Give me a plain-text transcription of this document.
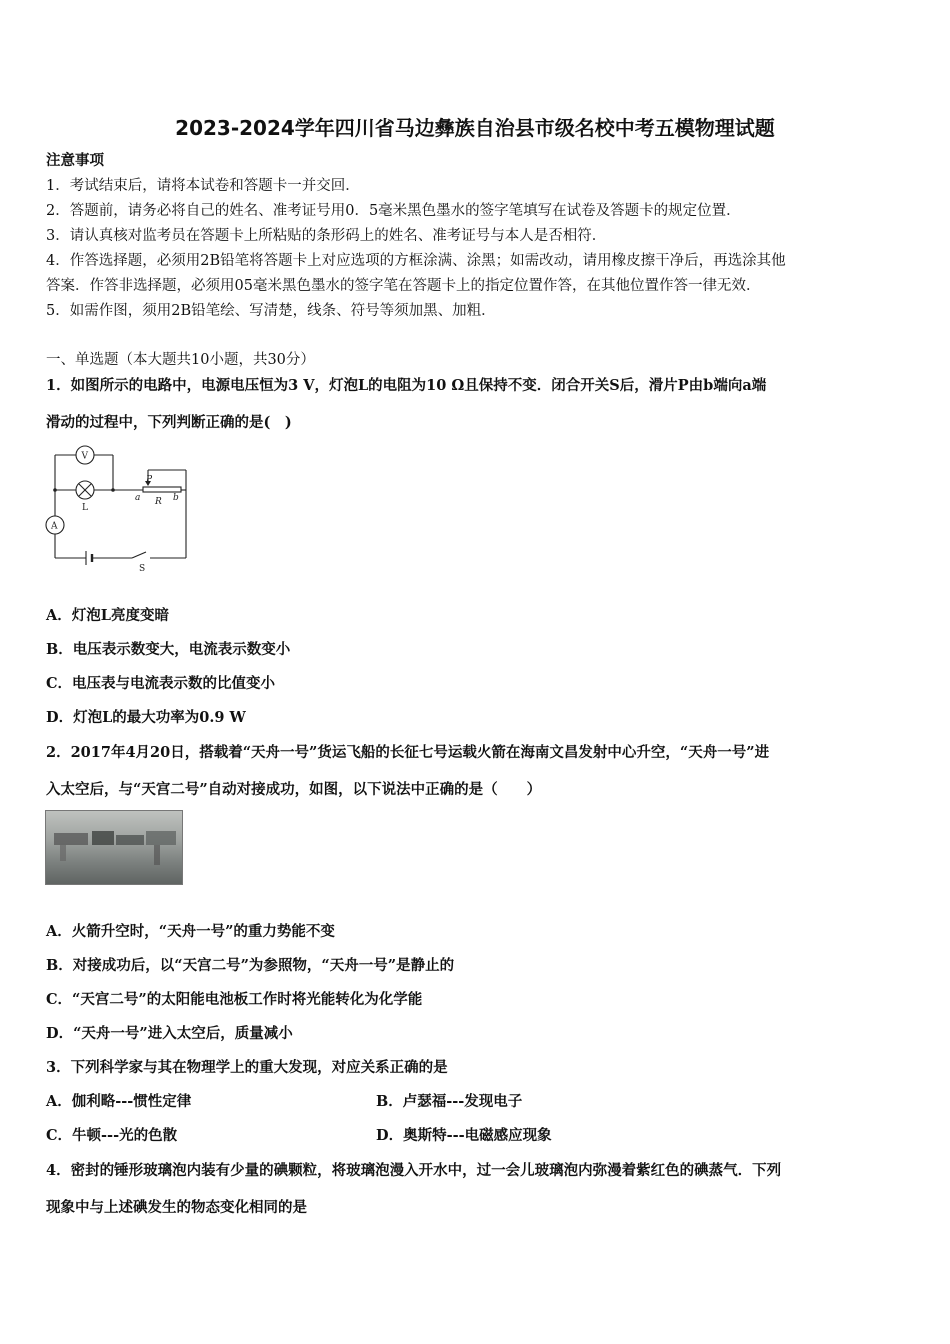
2023-2024学年四川省马边彝族自治县市级名校中考五模物理试题
注意事项
1．考试结束后，请将本试卷和答题卡一并交回．
2．答题前，请务必将自己的姓名、准考证号用0．5毫米黑色墨水的签字笔填写在试卷及答题卡的规定位置．
3．请认真核对监考员在答题卡上所粘贴的条形码上的姓名、准考证号与本人是否相符．
4．作答选择题，必须用2B铅笔将答题卡上对应选项的方框涂满、涂黑；如需改动，请用橡皮擦干净后，再选涂其他
答案．作答非选择题，必须用05毫米黑色墨水的签字笔在答题卡上的指定位置作答，在其他位置作答一律无效．
5．如需作图，须用2B铅笔绘、写清楚，线条、符号等须加黑、加粗．
一、单选题（本大题共10小题，共30分）
1．如图所示的电路中，电源电压恒为3 V，灯泡L的电阻为10 Ω且保持不变．闭合开关S后，滑片P由b端向a端
滑动的过程中，下列判断正确的是(　)
V
A
L
P
a	b
R
S
A．灯泡L亮度变暗
B．电压表示数变大，电流表示数变小
C．电压表与电流表示数的比值变小
D．灯泡L的最大功率为0.9 W
2．2017年4月20日，搭载着“天舟一号”货运飞船的长征七号运载火箭在海南文昌发射中心升空，“天舟一号”进
入太空后，与“天宫二号”自动对接成功，如图，以下说法中正确的是（　　）
A．火箭升空时，“天舟一号”的重力势能不变
B．对接成功后，以“天宫二号”为参照物，“天舟一号”是静止的
C．“天宫二号”的太阳能电池板工作时将光能转化为化学能
D．“天舟一号”进入太空后，质量减小
3．下列科学家与其在物理学上的重大发现，对应关系正确的是
A．伽利略---惯性定律	B．卢瑟福---发现电子
C．牛顿---光的色散	D．奥斯特---电磁感应现象
4．密封的锤形玻璃泡内装有少量的碘颗粒，将玻璃泡漫入开水中，过一会儿玻璃泡内弥漫着紫红色的碘蒸气．下列
现象中与上述碘发生的物态变化相同的是
